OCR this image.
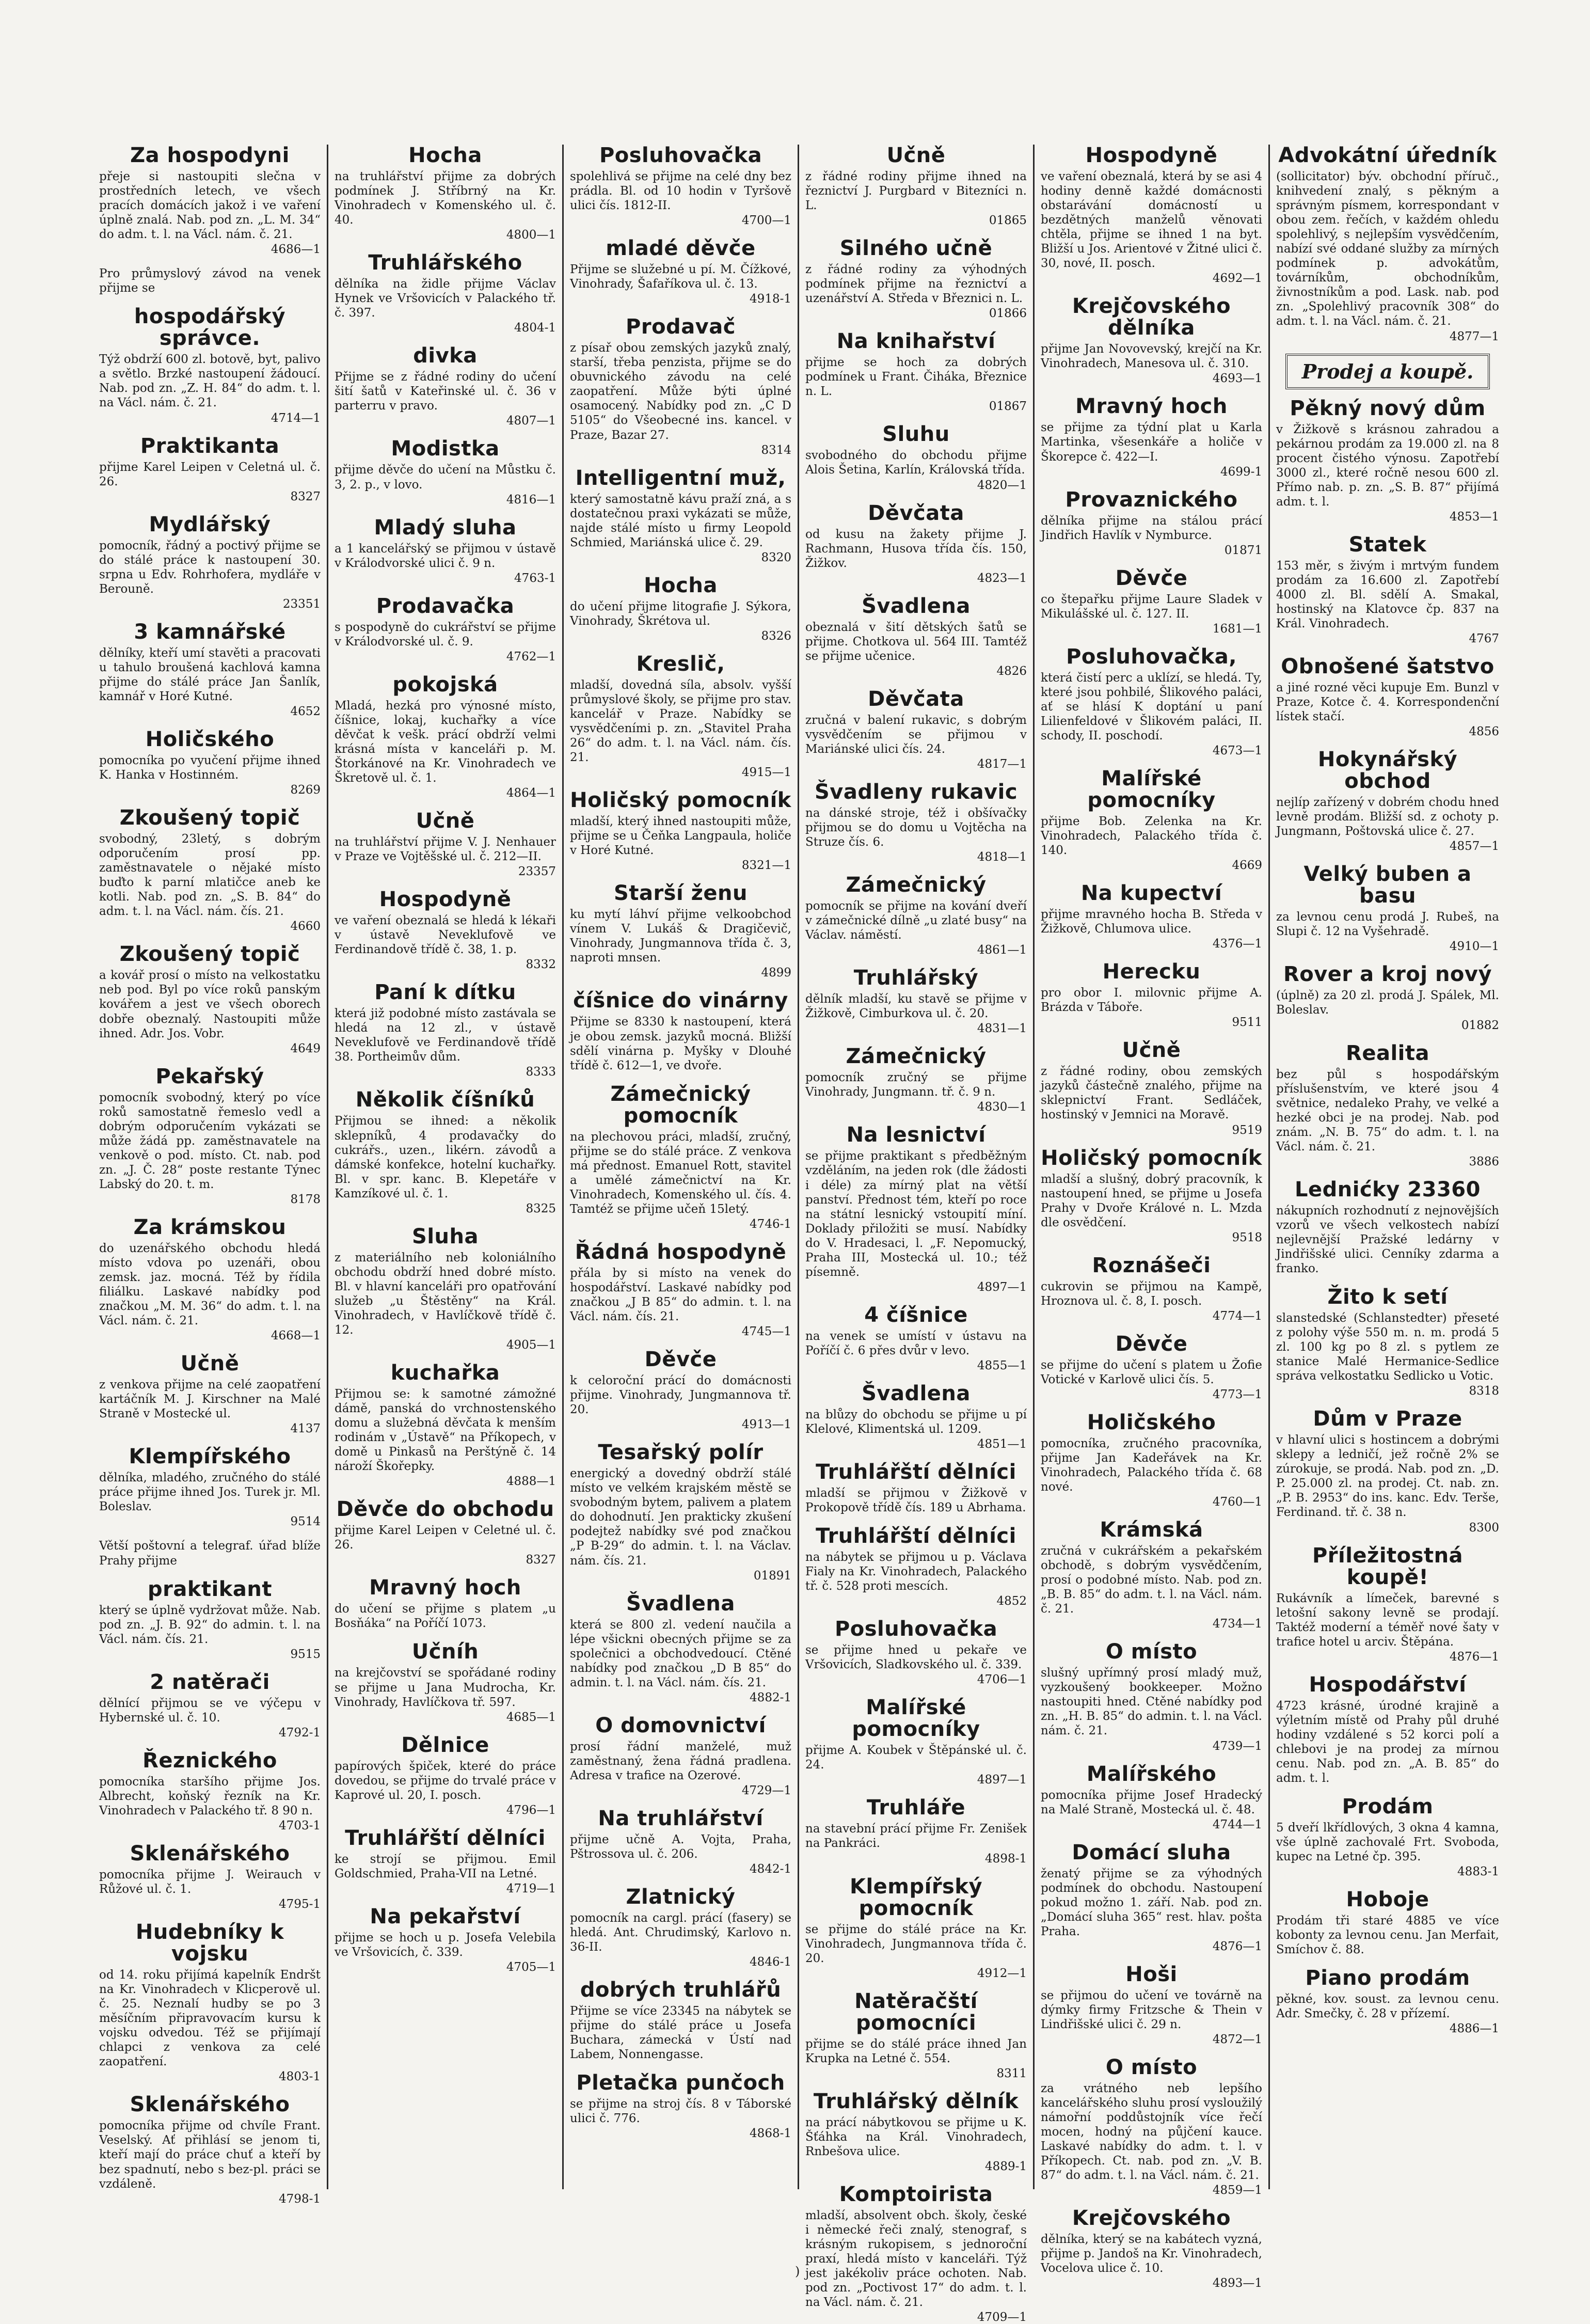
Za hospodyni

přeje si nastoupiti slečna v prostředních letech, ve všech pracích domácích jakož i ve vaření úplně znalá. Nab. pod zn. „L. M. 34“ do adm. t. l. na Václ. nám. č. 21.

4686—1

Pro průmyslový závod na venek přijme se

hospodářský správce.

Týž obdrží 600 zl. botově, byt, palivo a světlo. Brzké nastoupení žádoucí. Nab. pod zn. „Z. H. 84“ do adm. t. l. na Václ. nám. č. 21.

4714—1
Praktikanta

přijme Karel Leipen v Celetná ul. č. 26.

8327
Mydlářský

pomocník, řádný a poctivý přijme se do stálé práce k nastoupení 30. srpna u Edv. Rohrhofera, mydláře v Berouně.

23351
3 kamnářské

dělníky, kteří umí stavěti a pracovati u tahulo broušená kachlová kamna přijme do stálé práce Jan Šanlík, kamnář v Horé Kutné.

4652
Holičského

pomocníka po vyučení přijme ihned K. Hanka v Hostinném.

8269
Zkoušený topič

svobodný, 23letý, s dobrým odporučením prosí pp. zaměstnavatele o nějaké místo buďto k parní mlatičce aneb ke kotli. Nab. pod zn. „S. B. 84“ do adm. t. l. na Václ. nám. čís. 21.

4660
Zkoušený topič

a kovář prosí o místo na velkostatku neb pod. Byl po více roků panským kovářem a jest ve všech oborech dobře obeznalý. Nastoupiti může ihned. Adr. Jos. Vobr.

4649
Pekařský

pomocník svobodný, který po více roků samostatně řemeslo vedl a dobrým odporučením vykázati se může žádá pp. zaměstnavatele na venkově o pod. místo. Ct. nab. pod zn. „J. Č. 28“ poste restante Týnec Labský do 20. t. m.

8178
Za krámskou

do uzenářského obchodu hledá místo vdova po uzenáři, obou zemsk. jaz. mocná. Též by řídila filiálku. Laskavé nabídky pod značkou „M. M. 36“ do adm. t. l. na Václ. nám. č. 21.

4668—1
Učně

z venkova přijme na celé zaopatření kartáčník M. J. Kirschner na Malé Straně v Mostecké ul.

4137
Klempířského

dělníka, mladého, zručného do stálé práce přijme ihned Jos. Turek jr. Ml. Boleslav.

9514

Větší poštovní a telegraf. úřad blíže Prahy přijme

praktikant

který se úplně vydržovat může. Nab. pod zn. „J. B. 92“ do admin. t. l. na Václ. nám. čís. 21.

9515
2 natěrači

dělnící přijmou se ve výčepu v Hybernské ul. č. 10.

4792-1
Řeznického

pomocníka staršího přijme Jos. Albrecht, koňský řezník na Kr. Vinohradech v Palackého tř. 8 90 n.

4703-1
Sklenářského

pomocníka přijme J. Weirauch v Růžové ul. č. 1.

4795-1
Hudebníky k vojsku

od 14. roku přijímá kapelník Endršt na Kr. Vinohradech v Klicperově ul. č. 25. Neznalí hudby se po 3 měsíčním připravovacím kursu k vojsku odvedou. Též se přijímají chlapci z venkova za celé zaopatření.

4803-1
Sklenářského

pomocníka přijme od chvíle Frant. Veselský. Ať přihlásí se jenom ti, kteří mají do práce chuť a kteří by bez spadnutí, nebo s bez-pl. práci se vzdáleně.

4798-1
Hocha

na truhlářství přijme za dobrých podmínek J. Stříbrný na Kr. Vinohradech v Komenského ul. č. 40.

4800—1
Truhlářského

dělníka na židle přijme Václav Hynek ve Vršovicích v Palackého tř. č. 397.

4804-1
divka

Přijme se z řádné rodiny do učení šití šatů v Kateřinské ul. č. 36 v parterru v pravo.

4807—1
Modistka

přijme děvče do učení na Můstku č. 3, 2. p., v lovo.

4816—1
Mladý sluha

a 1 kancelářský se přijmou v ústavě v Králodvorské ulici č. 9 n.

4763-1
Prodavačka

s pospodyně do cukrářství se přijme v Králodvorské ul. č. 9.

4762—1
pokojská

Mladá, hezká pro výnosné místo, číšnice, lokaj, kuchařky a více děvčat k vešk. prácí obdrží velmi krásná místa v kanceláři p. M. Štorkánové na Kr. Vinohradech ve Škretově ul. č. 1.

4864—1
Učně

na truhlářství přijme V. J. Nenhauer v Praze ve Vojtěšské ul. č. 212—II.

23357
Hospodyně

ve vaření obeznalá se hledá k lékaři v ústavě Neveklufově ve Ferdinandově třídě č. 38, 1. p.

8332
Paní k dítku

která již podobné místo zastávala se hledá na 12 zl., v ústavě Neveklufově ve Ferdinandově třídě 38. Portheimův dům.

8333
Několik číšníků

Přijmou se ihned: a několik sklepníků, 4 prodavačky do cukrářs., uzen., likérn. závodů a dámské konfekce, hotelní kuchařky. Bl. v spr. kanc. B. Klepetáře v Kamzíkové ul. č. 1.

8325
Sluha

z materiálního neb koloniálního obchodu obdrží hned dobré místo. Bl. v hlavní kanceláři pro opatřování služeb „u Štěstěny“ na Král. Vinohradech, v Havlíčkově třídě č. 12.

4905—1
kuchařka

Přijmou se: k samotné zámožné dámě, panská do vrchnostenského domu a služebná děvčata k menším rodinám v „Ústavě“ na Příkopech, v domě u Pinkasů na Perštýně č. 14 nároží Škořepky.

4888—1
Děvče do obchodu

přijme Karel Leipen v Celetné ul. č. 26.

8327
Mravný hoch

do učení se přijme s platem „u Bosňáka“ na Poříčí 1073.

Učníh

na krejčovství se spořádané rodiny se přijme u Jana Mudrocha, Kr. Vinohrady, Havlíčkova tř. 597.

4685—1
Dělnice

papírových špiček, které do práce dovedou, se přijme do trvalé práce v Kaprové ul. 20, I. posch.

4796—1
Truhlářští dělníci

ke strojí se přijmou. Emil Goldschmied, Praha-VII na Letné.

4719—1
Na pekařství

přijme se hoch u p. Josefa Velebila ve Vršovicích, č. 339.

4705—1
Posluhovačka

spolehlivá se přijme na celé dny bez prádla. Bl. od 10 hodin v Tyršově ulici čís. 1812-II.

4700—1
mladé děvče

Přijme se služebné u pí. M. Čížkové, Vinohrady, Šafaříkova ul. č. 13.

4918-1
Prodavač

z písař obou zemských jazyků znalý, starší, třeba penzista, přijme se do obuvnického závodu na celé zaopatření. Může býti úplné osamocený. Nabídky pod zn. „C D 5105“ do Všeobecné ins. kancel. v Praze, Bazar 27.

8314
Intelligentní muž,

který samostatně kávu praží zná, a s dostatečnou praxi vykázati se může, najde stálé místo u firmy Leopold Schmied, Mariánská ulice č. 29.

8320
Hocha

do učení přijme litografie J. Sýkora, Vinohrady, Škrétova ul.

8326
Kreslič,

mladší, dovedná síla, absolv. vyšší průmyslové školy, se přijme pro stav. kancelář v Praze. Nabídky se vysvědčeními p. zn. „Stavitel Praha 26“ do adm. t. l. na Václ. nám. čís. 21.

4915—1
Holičský pomocník

mladší, který ihned nastoupiti může, přijme se u Čeňka Langpaula, holiče v Horé Kutné.

8321—1
Starší ženu

ku mytí láhví přijme velkoobchod vínem V. Lukáš & Dragičevič, Vinohrady, Jungmannova třída č. 3, naproti mnsen.

4899
číšnice do vinárny

Přijme se 8330 k nastoupení, která je obou zemsk. jazyků mocná. Bližší sdělí vinárna p. Myšky v Dlouhé třídě č. 612—1, ve dvoře.

Zámečnický pomocník

na plechovou práci, mladší, zručný, přijme se do stálé práce. Z venkova má přednost. Emanuel Rott, stavitel a umělé zámečnictví na Kr. Vinohradech, Komenského ul. čís. 4. Tamtéž se přijme učeň 15letý.

4746-1
Řádná hospodyně

přála by si místo na venek do hospodářství. Laskavé nabídky pod značkou „J B 85“ do admin. t. l. na Václ. nám. čís. 21.

4745—1
Děvče

k celoroční prácí do domácnosti přijme. Vinohrady, Jungmannova tř. 20.

4913—1
Tesařský polír

energický a dovedný obdrží stálé místo ve velkém krajském městě se svobodným bytem, palivem a platem do dohodnutí. Jen prakticky zkušení podejtež nabídky své pod značkou „P B-29“ do admin. t. l. na Václav. nám. čís. 21.

01891
Švadlena

která se 800 zl. vedení naučila a lépe všickni obecných přijme se za společnici a obchodvedoucí. Ctěné nabídky pod značkou „D B 85“ do admin. t. l. na Václ. nám. čís. 21.

4882-1
O domovnictví

prosí řádní manželé, muž zaměstnaný, žena řádná pradlena. Adresa v trafice na Ozerové.

4729—1
Na truhlářství

přijme učně A. Vojta, Praha, Pštrossova ul. č. 206.

4842-1
Zlatnický

pomocník na cargl. prácí (fasery) se hledá. Ant. Chrudimský, Karlovo n. 36-II.

4846-1
dobrých truhlářů

Přijme se více 23345 na nábytek se přijme do stálé práce u Josefa Buchara, zámecká v Ústí nad Labem, Nonnengasse.

Pletačka punčoch

se přijme na stroj čís. 8 v Táborské ulici č. 776.

4868-1
Učně

z řádné rodiny přijme ihned na řeznictví J. Purgbard v Bitezníci n. L.

01865
Silného učně

z řádné rodiny za výhodných podmínek přijme na řeznictví a uzenářství A. Středa v Březnici n. L.

01866
Na knihařství

přijme se hoch za dobrých podmínek u Frant. Čihákа, Březnice n. L.

01867
Sluhu

svobodného do obchodu přijme Alois Šetina, Karlín, Královská třída.

4820—1
Děvčata

od kusu na žakety přijme J. Rachmann, Husova třída čís. 150, Žižkov.

4823—1
Švadlena

obeznalá v šití dětských šatů se přijme. Chotkova ul. 564 III. Tamtéž se přijme učenice.

4826
Děvčata

zručná v balení rukavic, s dobrým vysvědčením se přijmou v Mariánské ulici čís. 24.

4817—1
Švadleny rukavic

na dánské stroje, též i obšívačky přijmou se do domu u Vojtěcha na Struze čís. 6.

4818—1
Zámečnický

pomocník se přijme na kování dveří v zámečnické dílně „u zlaté busy“ na Václav. náměstí.

4861—1
Truhlářský

dělník mladší, ku stavě se přijme v Žižkově, Cimburkova ul. č. 20.

4831—1
Zámečnický

pomocník zručný se přijme Vinohrady, Jungmann. tř. č. 9 n.

4830—1
Na lesnictví

se přijme praktikant s předběžným vzděláním, na jeden rok (dle žádosti i déle) za mírný plat na větší panství. Přednost tém, kteří po roce na státní lesnický vstoupití míní. Doklady přiložiti se musí. Nabídky do V. Hradesaci, l. „F. Nepomucký, Praha III, Mostecká ul. 10.; též písemně.

4897—1
4 číšnice

na venek se umístí v ústavu na Poříčí č. 6 přes dvůr v levo.

4855—1
Švadlena

na blůzy do obchodu se přijme u pí Klelové, Klimentská ul. 1209.

4851—1
Truhlářští dělníci

mladší se přijmou v Žižkově v Prokopově třídě čís. 189 u Abrhama.

Truhlářští dělníci

na nábytek se přijmou u p. Václava Fialy na Kr. Vinohradech, Palackého tř. č. 528 proti mescích.

4852
Posluhovačka

se přijme hned u pekaře ve Vršovicích, Sladkovského ul. č. 339.

4706—1
Malířské pomocníky

přijme A. Koubek v Štěpánské ul. č. 24.

4897—1
Truhláře

na stavební prácí přijme Fr. Zenišek na Pankráci.

4898-1
Klempířský pomocník

se přijme do stálé práce na Kr. Vinohradech, Jungmannova třída č. 20.

4912—1
Natěračští pomocníci

přijme se do stálé práce ihned Jan Krupka na Letné č. 554.

8311
Truhlářský dělník

na prácí nábytkovou se přijme u K. Šťáhka na Král. Vinohradech, Rnbešova ulice.

4889-1
Komptoiristа

mladší, absolvent obch. školy, české i německé řeči znalý, stenograf, s krásným rukopisem, s jednoroční praxí, hledá místo v kanceláři. Týž jest jakékoliv práce ochoten. Nab. pod zn. „Poctivost 17“ do adm. t. l. na Václ. nám. č. 21.

4709—1
Hospodyně

ve vaření obeznalá, která by se asi 4 hodiny denně každé domácnosti obstarávání domácností u bezdětných manželů věnovati chtěla, přijme se ihned 1 na byt. Bližší u Jos. Arientové v Žitné ulici č. 30, nové, II. posch.

4692—1
Krejčovského dělníka

přijme Jan Novovevský, krejčí na Kr. Vinohradech, Manesova ul. č. 310.

4693—1
Mravný hoch

se přijme za týdní plat u Karla Martinka, všesenkáře a holiče v Škorepce č. 422—I.

4699-1
Provaznického

dělníka přijme na stálou prácí Jindřich Havlík v Nymburce.

01871
Děvče

co štepařku přijme Laure Sladek v Mikulášské ul. č. 127. II.

1681—1
Posluhovačka,

která čistí perc a uklízí, se hledá. Ty, které jsou pohbilé, Šlikového paláci, ať se hlásí K doptání u paní Lilienfeldové v Šlikovém paláci, II. schody, II. poschodí.

4673—1
Malířské pomocníky

přijme Bob. Zelenka na Kr. Vinohradech, Palackého třída č. 140.

4669
Na kupectví

přijme mravného hocha B. Středa v Žižkově, Chlumova ulice.

4376—1
Herecku

pro obor I. milovnic přijme A. Brázda v Táboře.

9511
Učně

z řádné rodiny, obou zemských jazyků částečně znalého, přijme na sklepnictví Frant. Sedláček, hostinský v Jemnici na Moravě.

9519
Holičský pomocník

mladší a slušný, dobrý pracovník, k nastoupení hned, se přijme u Josefa Prahy v Dvoře Králové n. L. Mzda dle osvědčení.

9518
Roznášeči

cukrovin se přijmou na Kampě, Hroznova ul. č. 8, I. posch.

4774—1
Děvče

se přijme do učení s platem u Žofie Votické v Karlově ulici čís. 5.

4773—1
Holičského

pomocníka, zručného pracovníka, přijme Jan Kadeřávek na Kr. Vinohradech, Palackého třída č. 68 nové.

4760—1
Krámská

zručná v cukrářském a pekařském obchodě, s dobrým vysvědčením, prosí o podobné místo. Nab. pod zn. „B. B. 85“ do adm. t. l. na Václ. nám. č. 21.

4734—1
O místo

slušný upřímný prosí mladý muž, vyzkoušený bookkeeper. Možno nastoupiti hned. Ctěné nabídky pod zn. „H. B. 85“ do admin. t. l. na Václ. nám. č. 21.

4739—1
Malířského

pomocníka přijme Josef Hradecký na Malé Straně, Mostecká ul. č. 48.

4744—1
Domácí sluha

ženatý přijme se za výhodných podmínek do obchodu. Nastoupení pokud možno 1. září. Nab. pod zn. „Domácí sluha 365“ rest. hlav. pošta Praha.

4876—1
Hoši

se přijmou do učení ve továrně na dýmky firmy Fritzsche & Thein v Lindřišské ulici č. 29 n.

4872—1
O místo

za vrátného neb lepšího kancelářského sluhu prosí vysloužilý námořní poddůstojník více řečí mocen, hodný na půjčení kauce. Laskavé nabídky do adm. t. l. v Příkopech. Ct. nab. pod zn. „V. B. 87“ do adm. t. l. na Václ. nám. č. 21.

4859—1
Krejčovského

dělníka, který se na kabátech vyzná, přijme p. Jandoš na Kr. Vinohradech, Vocelova ulice č. 10.

4893—1
Advokátní úředník

(sollicitator) býv. obchodní příruč., knihvedení znalý, s pěkným a správným písmem, korrespondant v obou zem. řečích, v každém ohledu spolehlivý, s nejlepším vysvědčením, nabízí své oddané služby za mírných podmínek p. advokátům, továrníkům, obchodníkům, živnostníkům a pod. Lask. nab. pod zn. „Spolehlivý pracovník 308“ do adm. t. l. na Václ. nám. č. 21.

4877—1
Prodej a koupě.
Pěkný nový dům

v Žižkově s krásnou zahradou a pekárnou prodám za 19.000 zl. na 8 procent čistého výnosu. Zapotřebí 3000 zl., které ročně nesou 600 zl. Přímo nab. p. zn. „S. B. 87“ přijímá adm. t. l.

4853—1
Statek

153 měr, s živým i mrtvým fundem prodám za 16.600 zl. Zapotřebí 4000 zl. Bl. sdělí A. Smakal, hostinský na Klatovce čp. 837 na Král. Vinohradech.

4767
Obnošené šatstvo

a jiné rozné věci kupuje Em. Bunzl v Praze, Kotce č. 4. Korrespondenční lístek stačí.

4856
Hokynářský obchod

nejlíp zařízený v dobrém chodu hned levně prodám. Bližší sd. z ochoty p. Jungmann, Poštovská ulice č. 27.

4857—1
Velký buben a basu

za levnou cenu prodá J. Rubeš, na Slupi č. 12 na Vyšehradě.

4910—1
Rover a kroj nový

(úplně) za 20 zl. prodá J. Spálek, Ml. Boleslav.

01882
Realita

bez půl s hospodářským příslušenstvím, ve které jsou 4 světnice, nedaleko Prahy, ve velké a hezké obci je na prodej. Nab. pod znám. „N. B. 75“ do adm. t. l. na Václ. nám. č. 21.

3886
Lednićky 23360

nákupních rozhodnutí z nejnovějších vzorů ve všech velkostech nabízí nejlevnější Pražské ledárny v Jindřišské ulici. Cenníky zdarma a franko.

Žito k setí

slanstedské (Schlanstedter) přeseté z polohy výše 550 m. n. m. prodá 5 zl. 100 kg po 8 zl. s pytlem ze stanice Malé Hermanice-Sedlice správa velkostatku Sedlicko u Votic.

8318
Dům v Praze

v hlavní ulici s hostincem a dobrými sklepy a ledničí, jež ročně 2% se zúrokuje, se prodá. Nab. pod zn. „D. P. 25.000 zl. na prodej. Ct. nab. zn. „P. B. 2953“ do ins. kanc. Edv. Terše, Ferdinand. tř. č. 38 n.

8300
Příležitostná koupě!

Rukávník a límeček, barevné s letošní sakony levně se prodají. Taktéž moderní a téměř nové šaty v trafice hotel u arciv. Štěpána.

4876—1
Hospodářství

4723 krásné, úrodné krajině a výletním místě od Prahy půl druhé hodiny vzdálené s 52 korci polí a chlebovi je na prodej za mírnou cenu. Nab. pod zn. „A. B. 85“ do adm. t. l.

Prodám

5 dveří lkřídlových, 3 okna 4 kamna, vše úplně zachovalé Frt. Svoboda, kupec na Letné čp. 395.

4883-1
Hoboje

Prodám tři staré 4885 ve více kobonty za levnou cenu. Jan Merfait, Smíchov č. 88.

Piano prodám

pěkné, kov. soust. za levnou cenu. Adr. Smečky, č. 28 v přízemí.

4886—1
)
